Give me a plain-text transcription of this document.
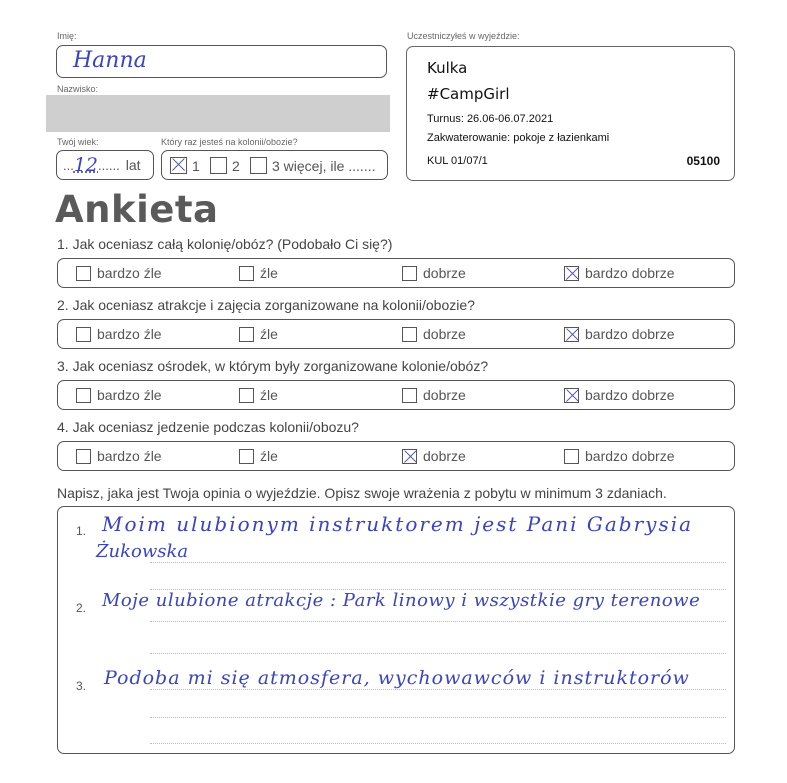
Imię:
Hanna
Nazwisko:
Twój wiek:
... 12 ...... lat
Który raz jesteś na kolonii/obozie?
1 2 3 więcej, ile .......
Uczestniczyłeś w wyjeździe:
Kulka
#CampGirl
Turnus: 26.06-06.07.2021
Zakwaterowanie: pokoje z łazienkami
KUL 01/07/1	05100
Ankieta
1. Jak oceniasz całą kolonię/obóz? (Podobało Ci się?)
bardzo źle	źle	dobrze	bardzo dobrze
2. Jak oceniasz atrakcje i zajęcia zorganizowane na kolonii/obozie?
bardzo źle	źle	dobrze	bardzo dobrze
3. Jak oceniasz ośrodek, w którym były zorganizowane kolonie/obóz?
bardzo źle	źle	dobrze	bardzo dobrze
4. Jak oceniasz jedzenie podczas kolonii/obozu?
bardzo źle	źle	dobrze	bardzo dobrze
Napisz, jaka jest Twoja opinia o wyjeździe. Opisz swoje wrażenia z pobytu w minimum 3 zdaniach.
1. Moim ulubionym instruktorem jest Pani Gabrysia
Żukowska
2. Moje ulubione atrakcje : Park linowy i wszystkie gry terenowe
3. Podoba mi się atmosfera, wychowawców i instruktorów
